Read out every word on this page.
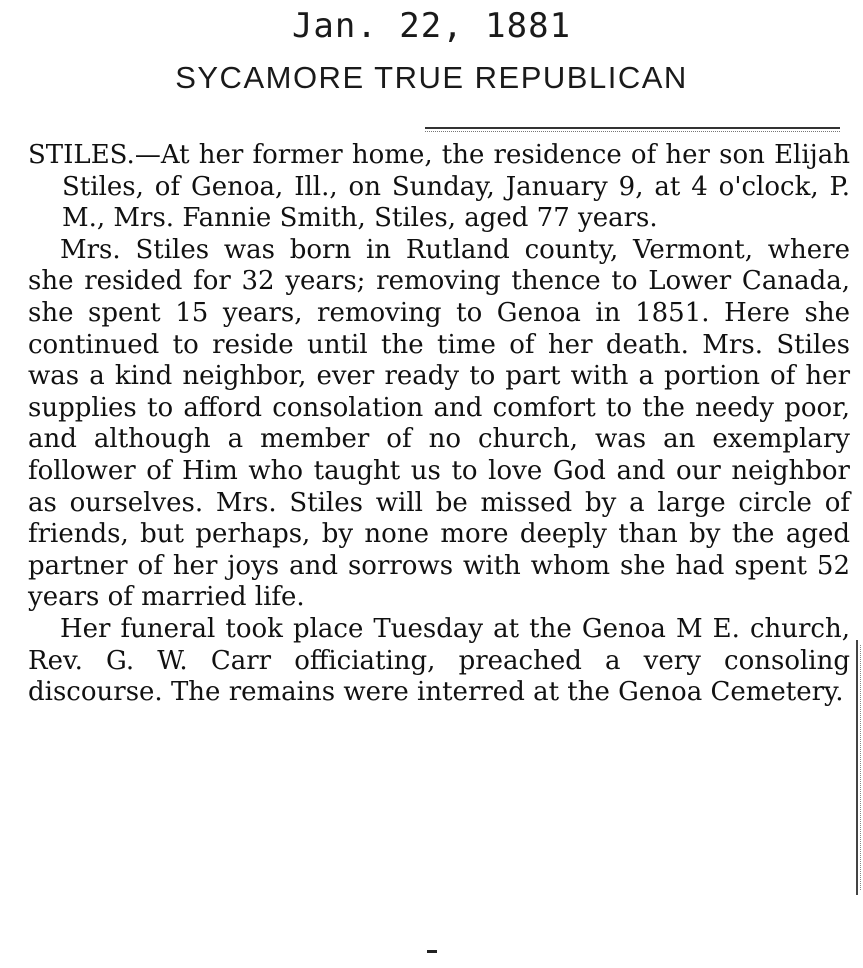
Jan. 22, 1881
SYCAMORE TRUE REPUBLICAN

STILES.—At her former home, the residence of her son Elijah Stiles, of Genoa, Ill., on Sunday, January 9, at 4 o'clock, P. M., Mrs. Fannie Smith, Stiles, aged 77 years.

Mrs. Stiles was born in Rutland county, Vermont, where she resided for 32 years; removing thence to Lower Canada, she spent 15 years, removing to Genoa in 1851. Here she continued to reside until the time of her death. Mrs. Stiles was a kind neighbor, ever ready to part with a portion of her supplies to afford consolation and comfort to the needy poor, and although a member of no church, was an exemplary follower of Him who taught us to love God and our neighbor as ourselves. Mrs. Stiles will be missed by a large circle of friends, but perhaps, by none more deeply than by the aged partner of her joys and sorrows with whom she had spent 52 years of married life.

Her funeral took place Tuesday at the Genoa M E. church, Rev. G. W. Carr officiating, preached a very consoling discourse. The remains were interred at the Genoa Cemetery.
